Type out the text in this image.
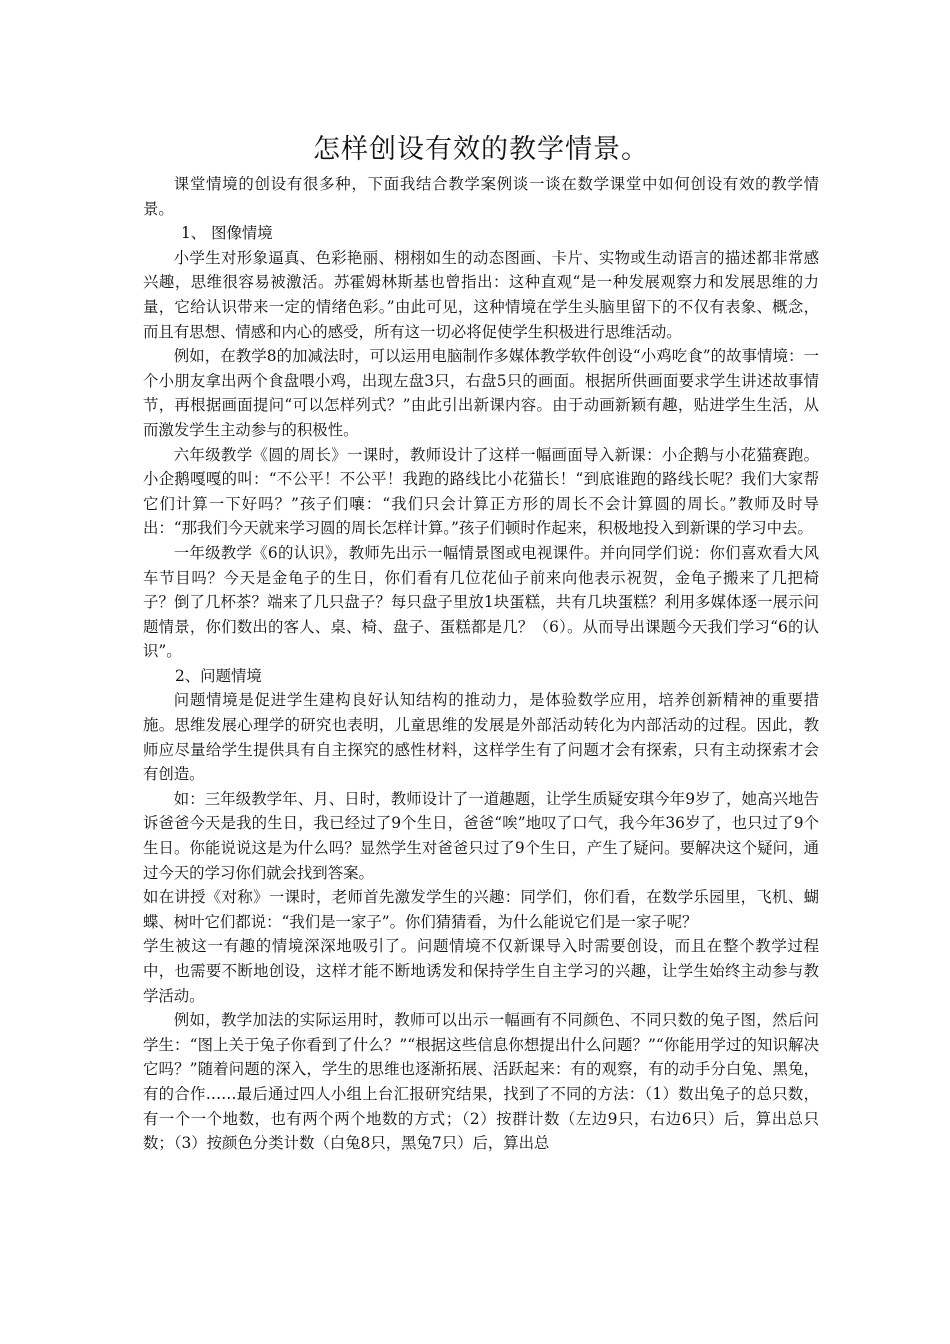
怎样创设有效的教学情景。

课堂情境的创设有很多种，下面我结合教学案例谈一谈在数学课堂中如何创设有效的教学情景。

1、 图像情境

小学生对形象逼真、色彩艳丽、栩栩如生的动态图画、卡片、实物或生动语言的描述都非常感兴趣，思维很容易被激活。苏霍姆林斯基也曾指出：这种直观“是一种发展观察力和发展思维的力量，它给认识带来一定的情绪色彩。”由此可见，这种情境在学生头脑里留下的不仅有表象、概念，而且有思想、情感和内心的感受，所有这一切必将促使学生积极进行思维活动。

例如，在教学8的加减法时，可以运用电脑制作多媒体教学软件创设“小鸡吃食”的故事情境：一个小朋友拿出两个食盘喂小鸡，出现左盘3只，右盘5只的画面。根据所供画面要求学生讲述故事情节，再根据画面提问“可以怎样列式？”由此引出新课内容。由于动画新颖有趣，贴进学生生活，从而激发学生主动参与的积极性。

六年级教学《圆的周长》一课时，教师设计了这样一幅画面导入新课：小企鹅与小花猫赛跑。小企鹅嘎嘎的叫：“不公平！不公平！我跑的路线比小花猫长！“到底谁跑的路线长呢？我们大家帮它们计算一下好吗？”孩子们嚷：“我们只会计算正方形的周长不会计算圆的周长。”教师及时导出：“那我们今天就来学习圆的周长怎样计算。”孩子们顿时作起来，积极地投入到新课的学习中去。

一年级教学《6的认识》，教师先出示一幅情景图或电视课件。并向同学们说：你们喜欢看大风车节目吗？今天是金龟子的生日，你们看有几位花仙子前来向他表示祝贺，金龟子搬来了几把椅子？倒了几杯茶？端来了几只盘子？每只盘子里放1块蛋糕，共有几块蛋糕？利用多媒体逐一展示问题情景，你们数出的客人、桌、椅、盘子、蛋糕都是几？（6）。从而导出课题今天我们学习“6的认识”。

2、问题情境

问题情境是促进学生建构良好认知结构的推动力，是体验数学应用，培养创新精神的重要措施。思维发展心理学的研究也表明，儿童思维的发展是外部活动转化为内部活动的过程。因此，教师应尽量给学生提供具有自主探究的感性材料，这样学生有了问题才会有探索，只有主动探索才会有创造。

如：三年级教学年、月、日时，教师设计了一道趣题，让学生质疑安琪今年9岁了，她高兴地告诉爸爸今天是我的生日，我已经过了9个生日，爸爸“唉”地叹了口气，我今年36岁了，也只过了9个生日。你能说说这是为什么吗？显然学生对爸爸只过了9个生日，产生了疑问。要解决这个疑问，通过今天的学习你们就会找到答案。

如在讲授《对称》一课时，老师首先激发学生的兴趣：同学们，你们看，在数学乐园里，飞机、蝴蝶、树叶它们都说：“我们是一家子”。你们猜猜看，为什么能说它们是一家子呢？

学生被这一有趣的情境深深地吸引了。问题情境不仅新课导入时需要创设，而且在整个教学过程中，也需要不断地创设，这样才能不断地诱发和保持学生自主学习的兴趣，让学生始终主动参与教学活动。

例如，教学加法的实际运用时，教师可以出示一幅画有不同颜色、不同只数的兔子图，然后问学生：“图上关于兔子你看到了什么？”“根据这些信息你想提出什么问题？”“你能用学过的知识解决它吗？”随着问题的深入，学生的思维也逐渐拓展、活跃起来：有的观察，有的动手分白兔、黑兔，有的合作……最后通过四人小组上台汇报研究结果，找到了不同的方法：（1）数出兔子的总只数，有一个一个地数，也有两个两个地数的方式；（2）按群计数（左边9只，右边6只）后，算出总只数；（3）按颜色分类计数（白兔8只，黑兔7只）后，算出总
